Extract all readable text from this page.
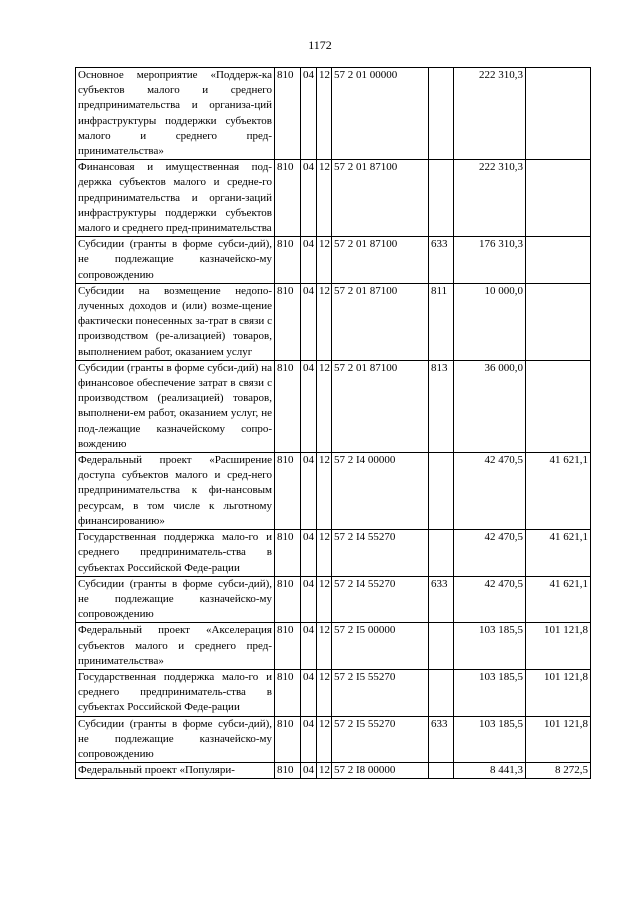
1172
Основное мероприятие «Поддерж-ка субъектов малого и среднего предпринимательства и организа-ций инфраструктуры поддержки субъектов малого и среднего пред-принимательства»	810	04	12	57 2 01 00000		222 310,3	
Финансовая и имущественная под-держка субъектов малого и средне-го предпринимательства и органи-заций инфраструктуры поддержки субъектов малого и среднего пред-принимательства	810	04	12	57 2 01 87100		222 310,3	
Субсидии (гранты в форме субси-дий), не подлежащие казначейско-му сопровождению	810	04	12	57 2 01 87100	633	176 310,3	
Субсидии на возмещение недопо-лученных доходов и (или) возме-щение фактически понесенных за-трат в связи с производством (ре-ализацией) товаров, выполнением работ, оказанием услуг	810	04	12	57 2 01 87100	811	10 000,0	
Субсидии (гранты в форме субси-дий) на финансовое обеспечение затрат в связи с производством (реализацией) товаров, выполнени-ем работ, оказанием услуг, не под-лежащие казначейскому сопро-вождению	810	04	12	57 2 01 87100	813	36 000,0	
Федеральный проект «Расширение доступа субъектов малого и сред-него предпринимательства к фи-нансовым ресурсам, в том числе к льготному финансированию»	810	04	12	57 2 I4 00000		42 470,5	41 621,1
Государственная поддержка мало-го и среднего предприниматель-ства в субъектах Российской Феде-рации	810	04	12	57 2 I4 55270		42 470,5	41 621,1
Субсидии (гранты в форме субси-дий), не подлежащие казначейско-му сопровождению	810	04	12	57 2 I4 55270	633	42 470,5	41 621,1
Федеральный проект «Акселерация субъектов малого и среднего пред-принимательства»	810	04	12	57 2 I5 00000		103 185,5	101 121,8
Государственная поддержка мало-го и среднего предприниматель-ства в субъектах Российской Феде-рации	810	04	12	57 2 I5 55270		103 185,5	101 121,8
Субсидии (гранты в форме субси-дий), не подлежащие казначейско-му сопровождению	810	04	12	57 2 I5 55270	633	103 185,5	101 121,8
Федеральный проект «Популяри-	810	04	12	57 2 I8 00000		8 441,3	8 272,5
